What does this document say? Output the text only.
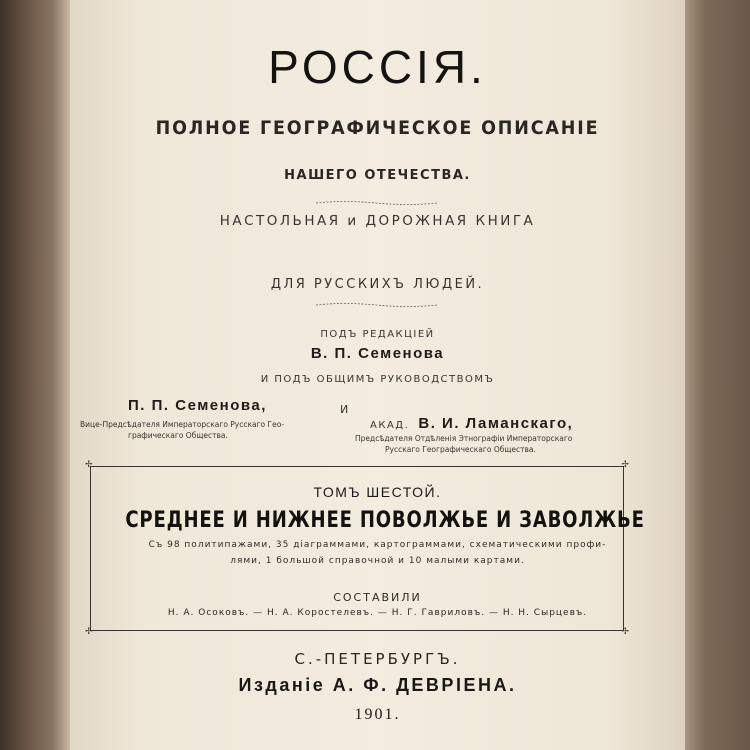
РОССІЯ.
ПОЛНОЕ ГЕОГРАФИЧЕСКОЕ ОПИСАНІЕ
НАШЕГО ОТЕЧЕСТВА.
НАСТОЛЬНАЯ и ДОРОЖНАЯ КНИГА
ДЛЯ РУССКИХЪ ЛЮДЕЙ.
ПОДЪ РЕДАКЦІЕЙ
В. П. Семенова
И ПОДЪ ОБЩИМЪ РУКОВОДСТВОМЪ
П. П. Семенова,
Вице-Предсѣдателя Императорскаго Русскаго Гео-
графическаго Общества.
И
АКАД. В. И. Ламанскаго,
Предсѣдателя Отдѣленія Этнографіи Императорскаго
Русскаго Географическаго Общества.
✢	✢
✢	✢
ТОМЪ ШЕСТОЙ.
СРЕДНЕЕ И НИЖНЕЕ ПОВОЛЖЬЕ И ЗАВОЛЖЬЕ
Съ 98 политипажами, 35 діаграммами, картограммами, схематическими профи-
лями, 1 большой справочной и 10 малыми картами.
СОСТАВИЛИ
Н. А. Осоковъ. — Н. А. Коростелевъ. — Н. Г. Гавриловъ. — Н. Н. Сырцевъ.
С.-ПЕТЕРБУРГЪ.
Изданіе А. Ф. ДЕВРІЕНА.
1901.
